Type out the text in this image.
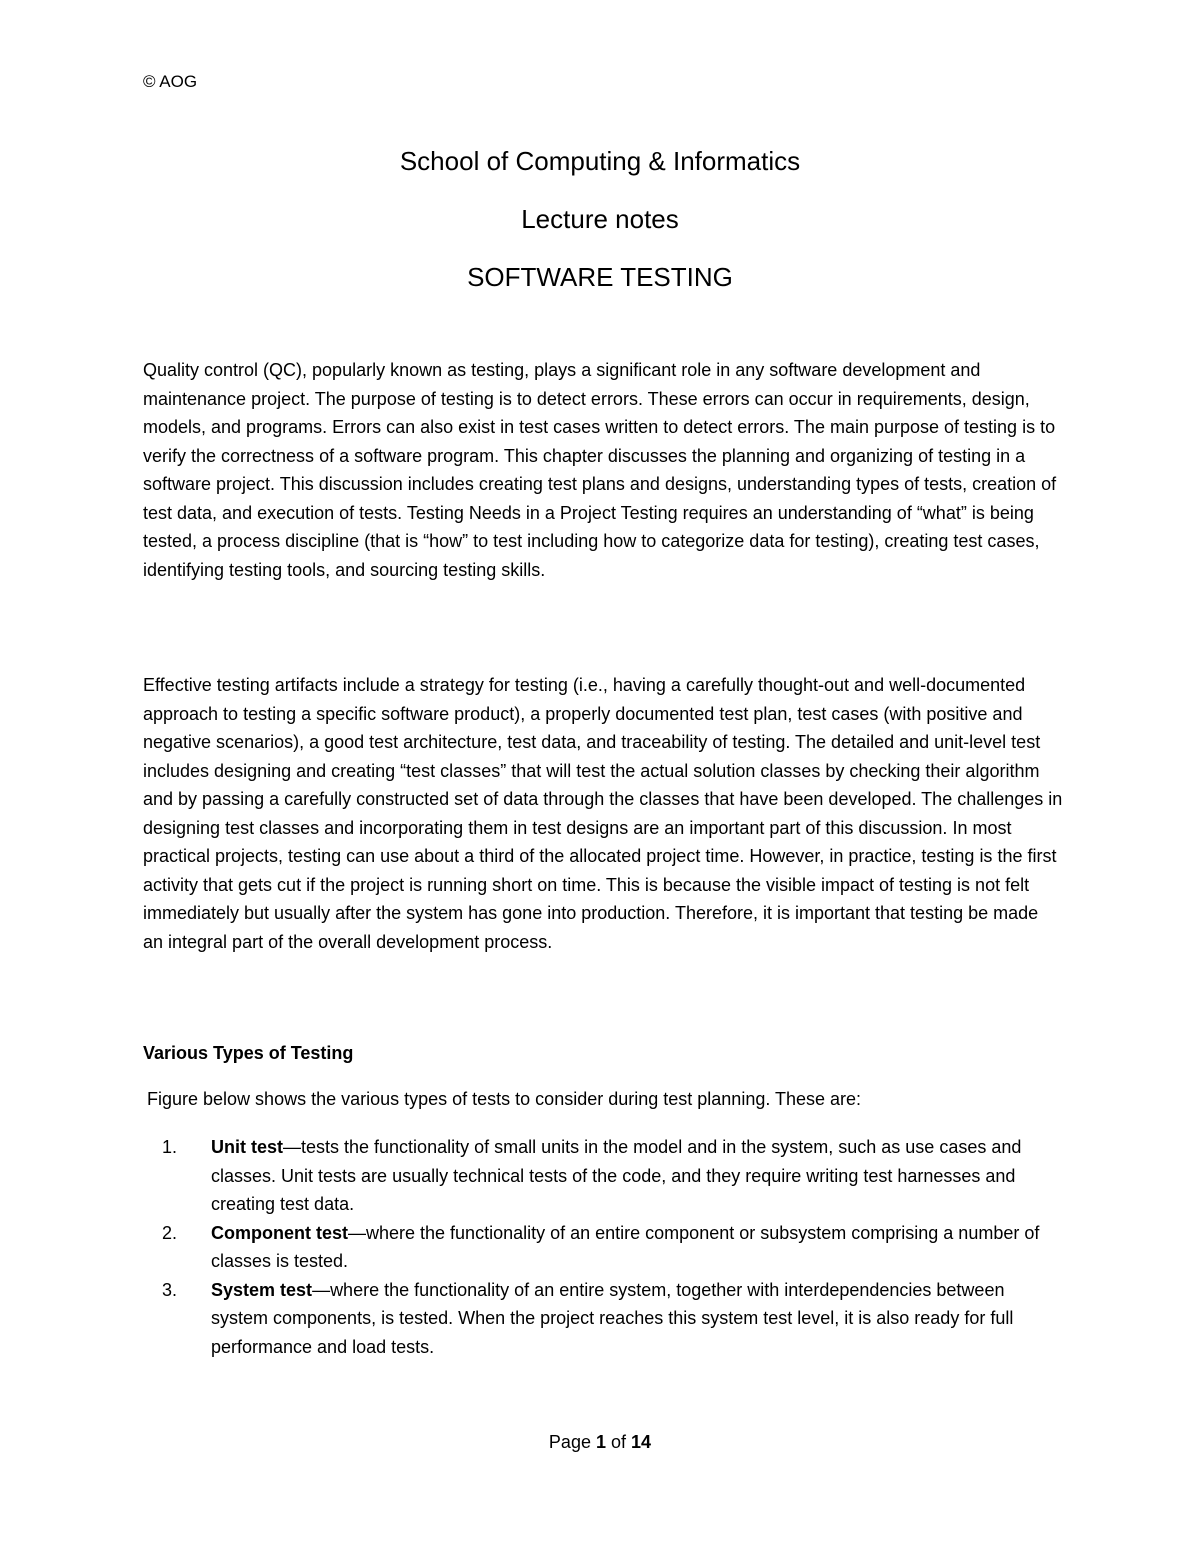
© AOG
School of Computing & Informatics
Lecture notes
SOFTWARE TESTING
Quality control (QC), popularly known as testing, plays a significant role in any software development and maintenance project. The purpose of testing is to detect errors. These errors can occur in requirements, design, models, and programs. Errors can also exist in test cases written to detect errors. The main purpose of testing is to verify the correctness of a software program. This chapter discusses the planning and organizing of testing in a software project. This discussion includes creating test plans and designs, understanding types of tests, creation of test data, and execution of tests. Testing Needs in a Project Testing requires an understanding of “what” is being tested, a process discipline (that is “how” to test including how to categorize data for testing), creating test cases, identifying testing tools, and sourcing testing skills.
Effective testing artifacts include a strategy for testing (i.e., having a carefully thought-out and well-documented approach to testing a specific software product), a properly documented test plan, test cases (with positive and negative scenarios), a good test architecture, test data, and traceability of testing. The detailed and unit-level test includes designing and creating “test classes” that will test the actual solution classes by checking their algorithm and by passing a carefully constructed set of data through the classes that have been developed. The challenges in designing test classes and incorporating them in test designs are an important part of this discussion. In most practical projects, testing can use about a third of the allocated project time. However, in practice, testing is the first activity that gets cut if the project is running short on time. This is because the visible impact of testing is not felt immediately but usually after the system has gone into production. Therefore, it is important that testing be made an integral part of the overall development process.
Various Types of Testing
Figure below shows the various types of tests to consider during test planning. These are:
1. Unit test—tests the functionality of small units in the model and in the system, such as use cases and classes. Unit tests are usually technical tests of the code, and they require writing test harnesses and creating test data.
2. Component test—where the functionality of an entire component or subsystem comprising a number of classes is tested.
3. System test—where the functionality of an entire system, together with interdependencies between system components, is tested. When the project reaches this system test level, it is also ready for full performance and load tests.
Page 1 of 14
